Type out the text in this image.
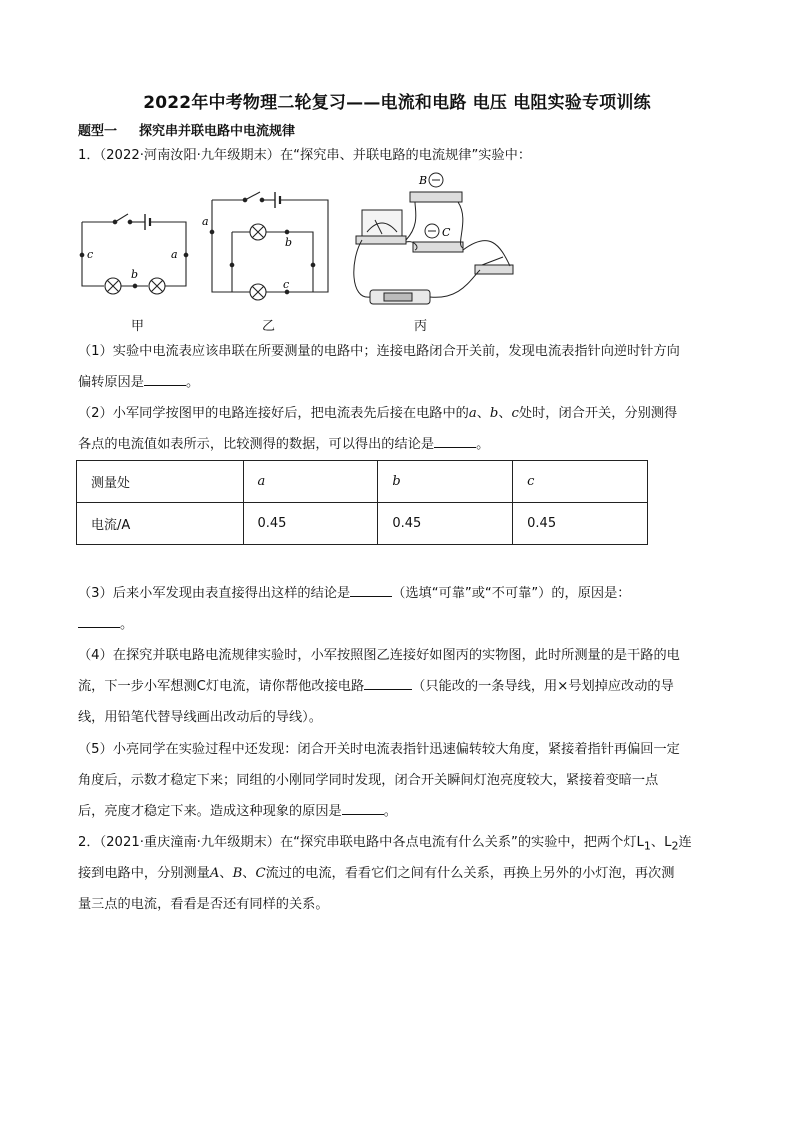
2022年中考物理二轮复习——电流和电路 电压 电阻实验专项训练
题型一 探究串并联电路中电流规律
1．（2022·河南汝阳·九年级期末）在“探究串、并联电路的电流规律”实验中：
c	a
b
a
b
c
B
C
甲	乙	丙
（1）实验中电流表应该串联在所要测量的电路中；连接电路闭合开关前，发现电流表指针向逆时针方向
偏转原因是	。
（2）小军同学按图甲的电路连接好后，把电流表先后接在电路中的a、b、c处时，闭合开关，分别测得
各点的电流值如表所示，比较测得的数据，可以得出的结论是	。
测量处	a	b	c
电流/A	0.45	0.45	0.45
（3）后来小军发现由表直接得出这样的结论是	（选填“可靠”或“不可靠”）的，原因是：
。
（4）在探究并联电路电流规律实验时，小军按照图乙连接好如图丙的实物图，此时所测量的是干路的电
流，下一步小军想测C灯电流，请你帮他改接电路	（只能改的一条导线，用×号划掉应改动的导
线，用铅笔代替导线画出改动后的导线）。
（5）小亮同学在实验过程中还发现：闭合开关时电流表指针迅速偏转较大角度，紧接着指针再偏回一定
角度后，示数才稳定下来；同组的小刚同学同时发现，闭合开关瞬间灯泡亮度较大，紧接着变暗一点
后，亮度才稳定下来。造成这种现象的原因是	。
2．（2021·重庆潼南·九年级期末）在“探究串联电路中各点电流有什么关系”的实验中，把两个灯$L_1$、$L_2$连
接到电路中，分别测量A、B、C流过的电流，看看它们之间有什么关系，再换上另外的小灯泡，再次测
量三点的电流，看看是否还有同样的关系。
